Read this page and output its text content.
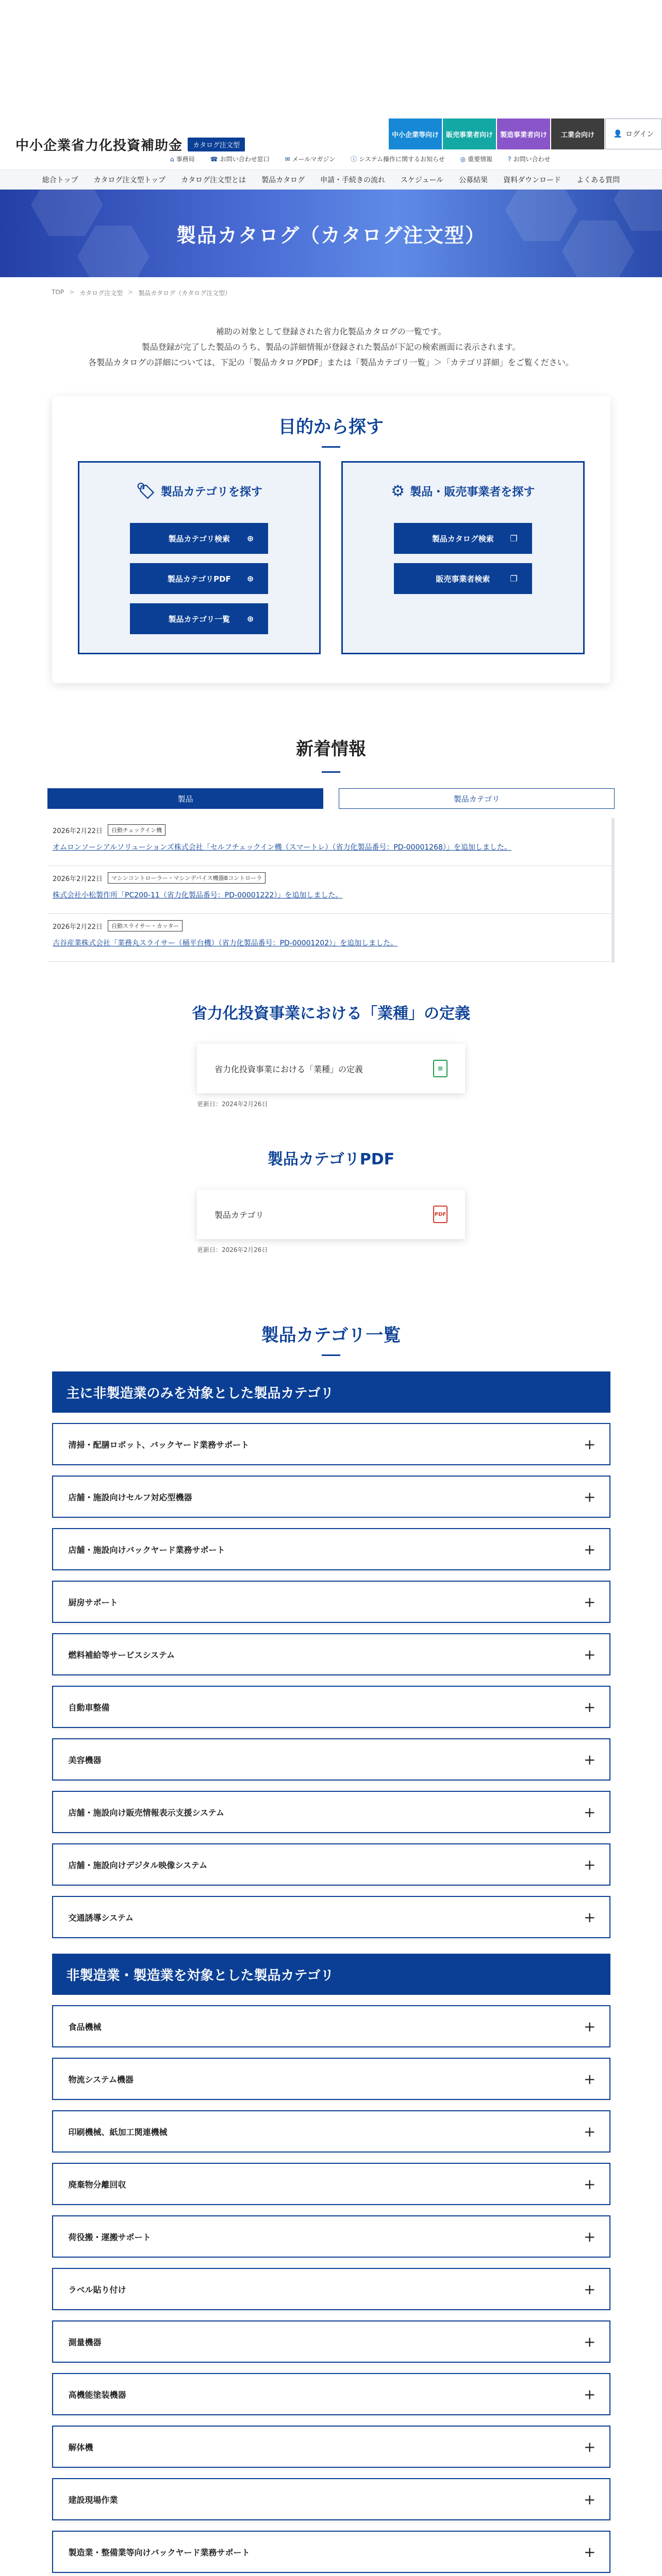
中小企業省力化投資補助金	カタログ注文型
⌂ 事務局	☎ お問い合わせ窓口	✉ メールマガジン	ⓘ システム操作に関するお知らせ	◎ 重要情報	? お問い合わせ
中小企業等向け	販売事業者向け	製造事業者向け	工業会向け	👤 ログイン
総合トップ カタログ注文型トップ カタログ注文型とは 製品カタログ 申請・手続きの流れ スケジュール 公募結果 資料ダウンロード よくある質問
製品カタログ（カタログ注文型）
TOP > カタログ注文型 > 製品カタログ（カタログ注文型）

補助の対象として登録された省力化製品カタログの一覧です。

製品登録が完了した製品のうち、製品の詳細情報が登録された製品が下記の検索画面に表示されます。

各製品カタログの詳細については、下記の「製品カタログPDF」または「製品カテゴリ一覧」＞「カテゴリ詳細」をご覧ください。

目的から探す
🏷 製品カテゴリを探す
製品カテゴリ検索 ⊕
製品カテゴリPDF ⊕
製品カテゴリ一覧 ⊕
⚙ 製品・販売事業者を探す
製品カタログ検索 ❐
販売事業者検索 ❐
新着情報
製品	製品カテゴリ
2026年2月22日	自動チェックイン機
オムロンソーシアルソリューションズ株式会社「セルフチェックイン機（スマートレ）（省力化製品番号：PD-00001268）」を追加しました。
2026年2月22日	マシンコントローラー・マシンデバイス機器Bコントローラ
株式会社小松製作所「PC200-11（省力化製品番号：PD-00001222）」を追加しました。
2026年2月22日	自動スライサー・カッター
古谷産業株式会社「業務丸スライサー（桶平台機）（省力化製品番号：PD-00001202）」を追加しました。
省力化投資事業における「業種」の定義
省力化投資事業における「業種」の定義	≡
更新日：2024年2月26日
製品カテゴリPDF
製品カテゴリ	PDF
更新日：2026年2月26日
製品カテゴリ一覧
主に非製造業のみを対象とした製品カテゴリ
清掃・配膳ロボット、バックヤード業務サポート	+
店舗・施設向けセルフ対応型機器	+
店舗・施設向けバックヤード業務サポート	+
厨房サポート	+
燃料補給等サービスシステム	+
自動車整備	+
美容機器	+
店舗・施設向け販売情報表示支援システム	+
店舗・施設向けデジタル映像システム	+
交通誘導システム	+
非製造業・製造業を対象とした製品カテゴリ
食品機械	+
物流システム機器	+
印刷機械、紙加工関連機械	+
廃棄物分離回収	+
荷役搬・運搬サポート	+
ラベル貼り付け	+
測量機器	+
高機能塗装機器	+
解体機	+
建設現場作業	+
製造業・整備業等向けバックヤード業務サポート	+
